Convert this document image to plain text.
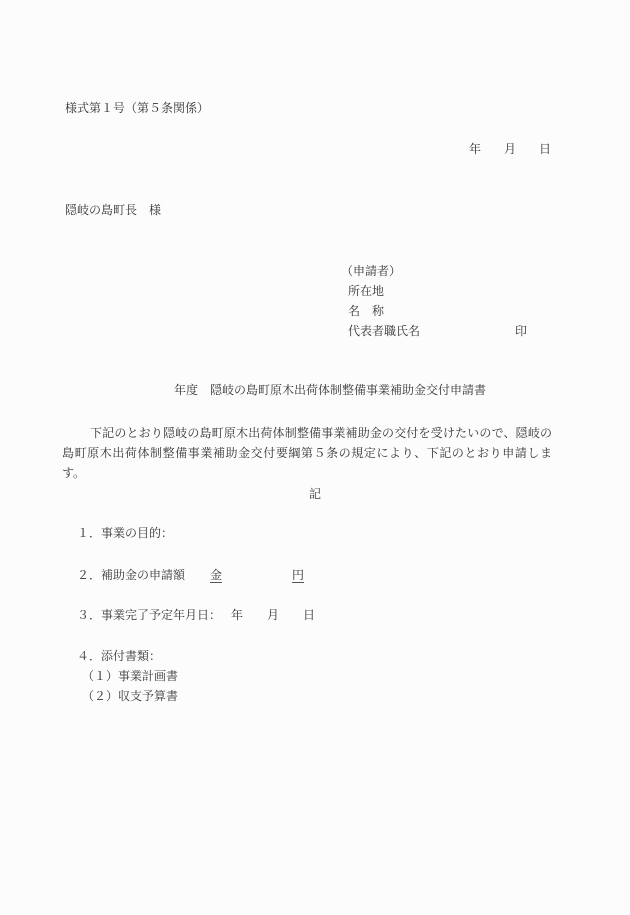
様式第１号（第５条関係）
年 月 日
隠岐の島町長　様
（申請者）
所在地
名　称
代表者職氏名	印
年度　隠岐の島町原木出荷体制整備事業補助金交付申請書
下記のとおり隠岐の島町原木出荷体制整備事業補助金の交付を受けたいので、隠岐の島町原木出荷体制整備事業補助金交付要綱第５条の規定により、下記のとおり申請します。
記
１．事業の目的：
２．補助金の申請額 金	円
３．事業完了予定年月日： 年 月 日
４．添付書類：
（１）事業計画書
（２）収支予算書
